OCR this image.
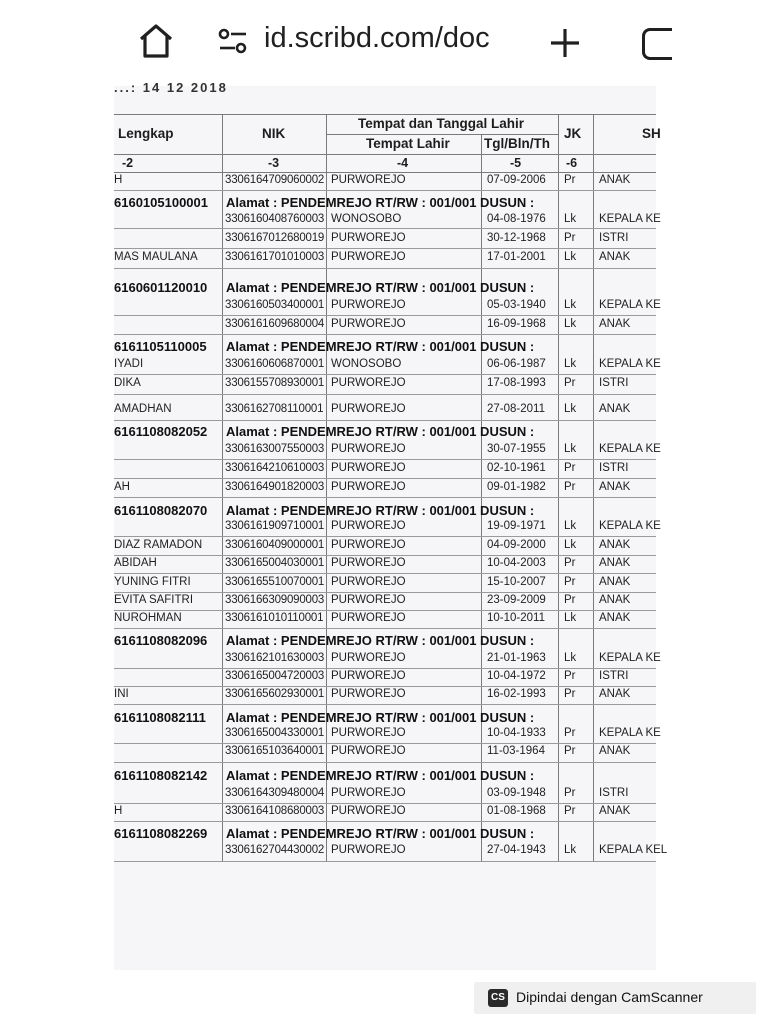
id.scribd.com/doc
...: 14 12 2018
Lengkap	NIK
Tempat dan Tanggal Lahir
Tempat Lahir	Tgl/Bln/Th
JK	SH
-2	-3	-4	-5	-6
H	3306164709060002 PURWOREJO	07-09-2006 Pr ANAK
6160105100001 Alamat : PENDEMREJO RT/RW : 001/001 DUSUN :
3306160408760003 WONOSOBO	04-08-1976 Lk KEPALA KE
3306167012680019 PURWOREJO	30-12-1968 Pr ISTRI
MAS MAULANA 3306161701010003 PURWOREJO	17-01-2001 Lk ANAK
6160601120010 Alamat : PENDEMREJO RT/RW : 001/001 DUSUN :
3306160503400001 PURWOREJO	05-03-1940 Lk KEPALA KE
3306161609680004 PURWOREJO	16-09-1968 Lk ANAK
6161105110005 Alamat : PENDEMREJO RT/RW : 001/001 DUSUN :
IYADI	3306160606870001 WONOSOBO	06-06-1987 Lk KEPALA KE
DIKA	3306155708930001 PURWOREJO	17-08-1993 Pr ISTRI
AMADHAN	3306162708110001 PURWOREJO	27-08-2011 Lk ANAK
6161108082052 Alamat : PENDEMREJO RT/RW : 001/001 DUSUN :
3306163007550003 PURWOREJO	30-07-1955 Lk KEPALA KE
3306164210610003 PURWOREJO	02-10-1961 Pr ISTRI
AH	3306164901820003 PURWOREJO	09-01-1982 Pr ANAK
6161108082070 Alamat : PENDEMREJO RT/RW : 001/001 DUSUN :
3306161909710001 PURWOREJO	19-09-1971 Lk KEPALA KE
DIAZ RAMADON 3306160409000001 PURWOREJO	04-09-2000 Lk ANAK
ABIDAH	3306165004030001 PURWOREJO	10-04-2003 Pr ANAK
YUNING FITRI	3306165510070001 PURWOREJO	15-10-2007 Pr ANAK
EVITA SAFITRI	3306166309090003 PURWOREJO	23-09-2009 Pr ANAK
NUROHMAN	3306161010110001 PURWOREJO	10-10-2011 Lk ANAK
6161108082096 Alamat : PENDEMREJO RT/RW : 001/001 DUSUN :
3306162101630003 PURWOREJO	21-01-1963 Lk KEPALA KE
3306165004720003 PURWOREJO	10-04-1972 Pr ISTRI
INI	3306165602930001 PURWOREJO	16-02-1993 Pr ANAK
6161108082111 Alamat : PENDEMREJO RT/RW : 001/001 DUSUN :
3306165004330001 PURWOREJO	10-04-1933 Pr KEPALA KE
3306165103640001 PURWOREJO	11-03-1964 Pr ANAK
6161108082142 Alamat : PENDEMREJO RT/RW : 001/001 DUSUN :
3306164309480004 PURWOREJO	03-09-1948 Pr ISTRI
H	3306164108680003 PURWOREJO	01-08-1968 Pr ANAK
6161108082269 Alamat : PENDEMREJO RT/RW : 001/001 DUSUN :
3306162704430002 PURWOREJO	27-04-1943 Lk KEPALA KEL
CS Dipindai dengan CamScanner
